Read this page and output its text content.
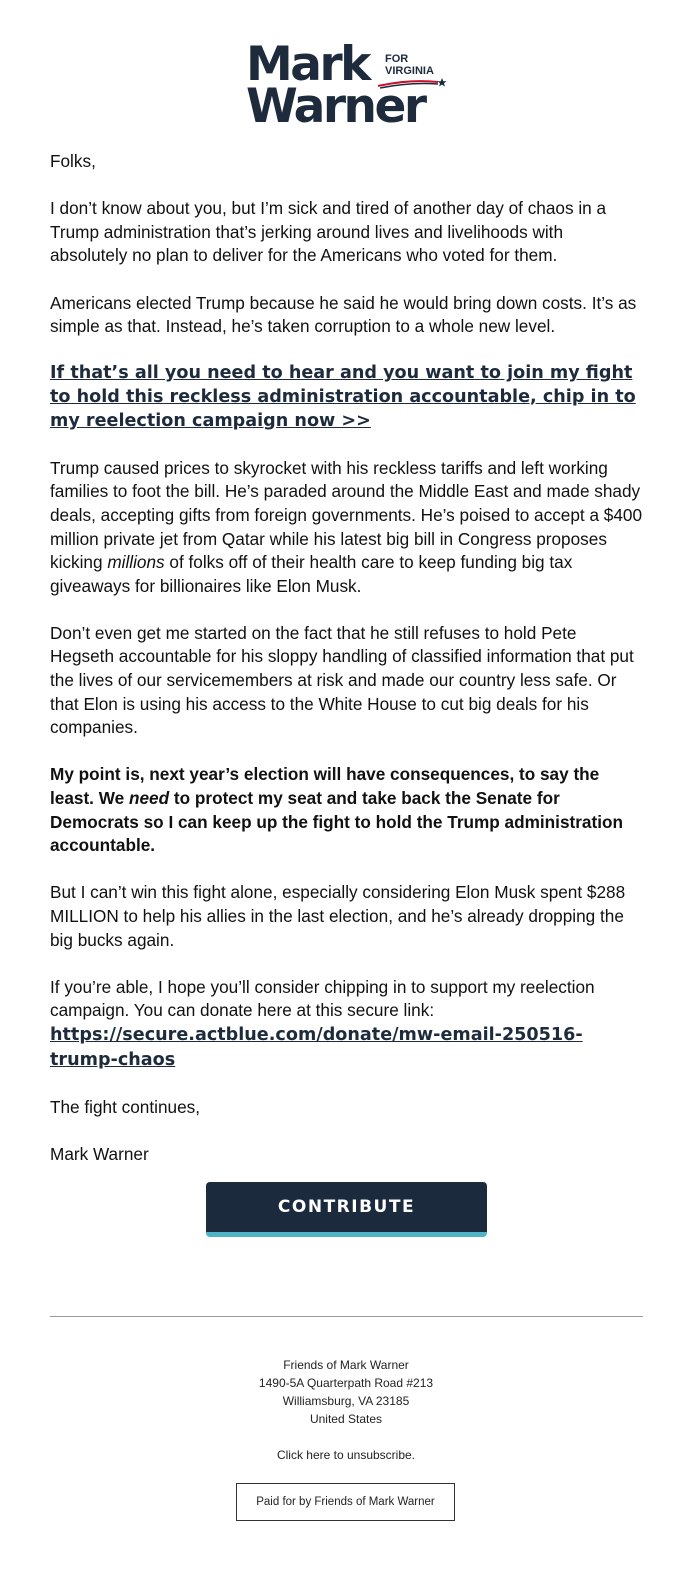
Mark
Warner
FOR
VIRGINIA

Folks,

I don’t know about you, but I’m sick and tired of another day of chaos in a Trump administration that’s jerking around lives and livelihoods with absolutely no plan to deliver for the Americans who voted for them.

Americans elected Trump because he said he would bring down costs. It’s as simple as that. Instead, he’s taken corruption to a whole new level.

If that’s all you need to hear and you want to join my fight to hold this reckless administration accountable, chip in to my reelection campaign now >>

Trump caused prices to skyrocket with his reckless tariffs and left working families to foot the bill. He’s paraded around the Middle East and made shady deals, accepting gifts from foreign governments. He’s poised to accept a $400 million private jet from Qatar while his latest big bill in Congress proposes kicking millions of folks off of their health care to keep funding big tax giveaways for billionaires like Elon Musk.

Don’t even get me started on the fact that he still refuses to hold Pete Hegseth accountable for his sloppy handling of classified information that put the lives of our servicemembers at risk and made our country less safe. Or that Elon is using his access to the White House to cut big deals for his companies.

My point is, next year’s election will have consequences, to say the least. We need to protect my seat and take back the Senate for Democrats so I can keep up the fight to hold the Trump administration accountable.

But I can’t win this fight alone, especially considering Elon Musk spent $288 MILLION to help his allies in the last election, and he’s already dropping the big bucks again.

If you’re able, I hope you’ll consider chipping in to support my reelection campaign. You can donate here at this secure link:
https://secure.actblue.com/donate/mw-email-250516-trump-chaos

The fight continues,

Mark Warner

CONTRIBUTE
Friends of Mark Warner
1490-5A Quarterpath Road #213
Williamsburg, VA 23185
United States
Click here to unsubscribe.
Paid for by Friends of Mark Warner
